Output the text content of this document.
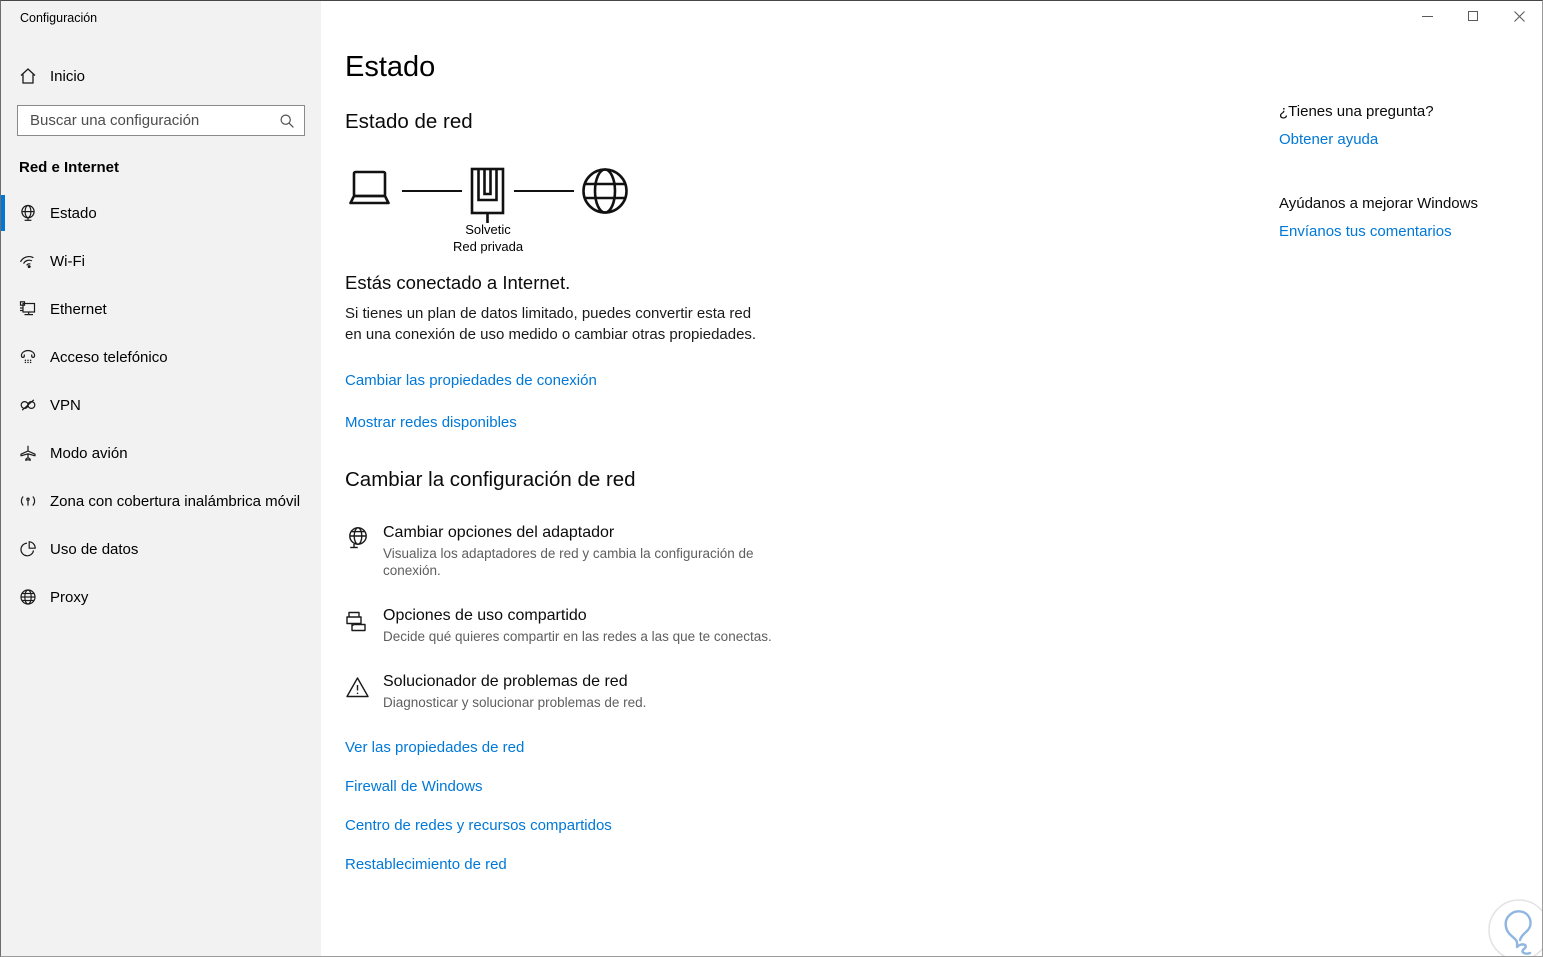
Configuración
Inicio
Buscar una configuración
Red e Internet
Estado
Wi-Fi
Ethernet
Acceso telefónico
VPN
Modo avión
Zona con cobertura inalámbrica móvil
Uso de datos
Proxy
Estado
Estado de red
Solvetic
Red privada
Estás conectado a Internet.
Si tienes un plan de datos limitado, puedes convertir esta red
en una conexión de uso medido o cambiar otras propiedades.
Cambiar las propiedades de conexión
Mostrar redes disponibles
Cambiar la configuración de red
Cambiar opciones del adaptador
Visualiza los adaptadores de red y cambia la configuración de
conexión.
Opciones de uso compartido
Decide qué quieres compartir en las redes a las que te conectas.
Solucionador de problemas de red
Diagnosticar y solucionar problemas de red.
Ver las propiedades de red
Firewall de Windows
Centro de redes y recursos compartidos
Restablecimiento de red
¿Tienes una pregunta?
Obtener ayuda
Ayúdanos a mejorar Windows
Envíanos tus comentarios
